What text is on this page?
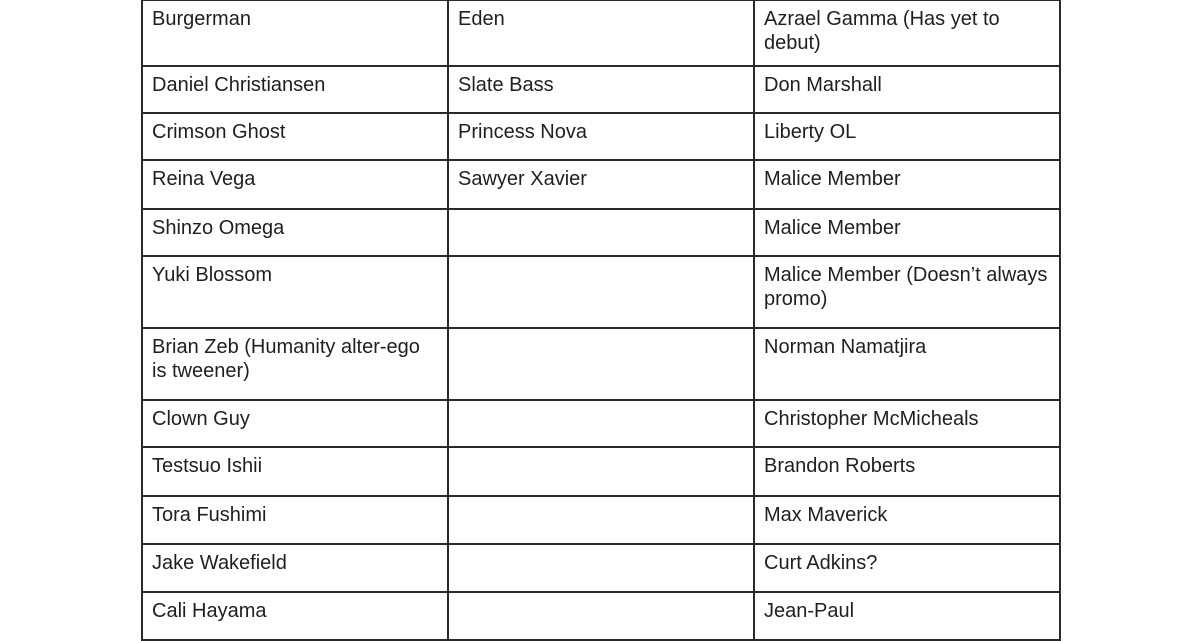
Burgerman	Eden	Azrael Gamma (Has yet to debut)
Daniel Christiansen	Slate Bass	Don Marshall
Crimson Ghost	Princess Nova	Liberty OL
Reina Vega	Sawyer Xavier	Malice Member
Shinzo Omega		Malice Member
Yuki Blossom		Malice Member (Doesn’t always promo)
Brian Zeb (Humanity alter-ego is tweener)		Norman Namatjira
Clown Guy		Christopher McMicheals
Testsuo Ishii		Brandon Roberts
Tora Fushimi		Max Maverick
Jake Wakefield		Curt Adkins?
Cali Hayama		Jean-Paul
